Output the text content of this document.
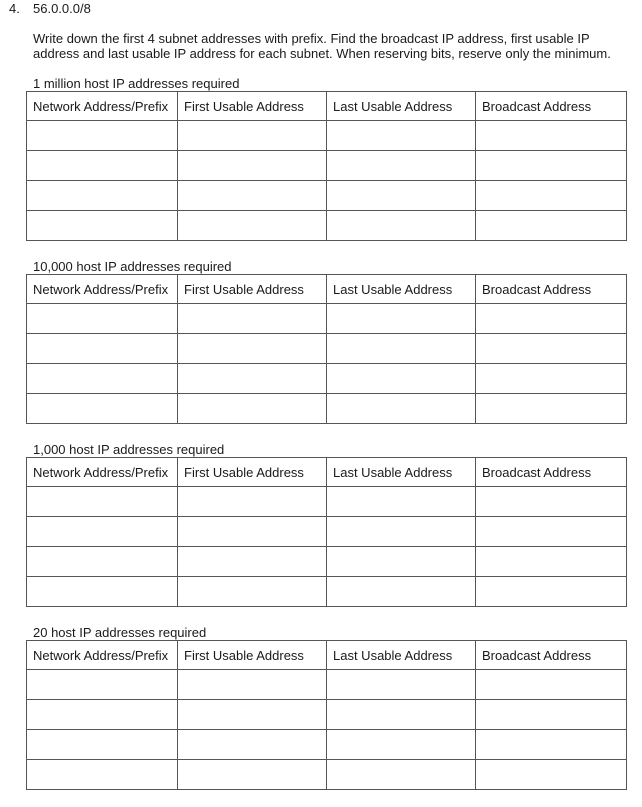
4. 56.0.0.0/8
Write down the first 4 subnet addresses with prefix. Find the broadcast IP address, first usable IP address and last usable IP address for each subnet. When reserving bits, reserve only the minimum.
1 million host IP addresses required
Network Address/Prefix	First Usable Address	Last Usable Address	Broadcast Address

10,000 host IP addresses required
Network Address/Prefix	First Usable Address	Last Usable Address	Broadcast Address

1,000 host IP addresses required
Network Address/Prefix	First Usable Address	Last Usable Address	Broadcast Address

20 host IP addresses required
Network Address/Prefix	First Usable Address	Last Usable Address	Broadcast Address
